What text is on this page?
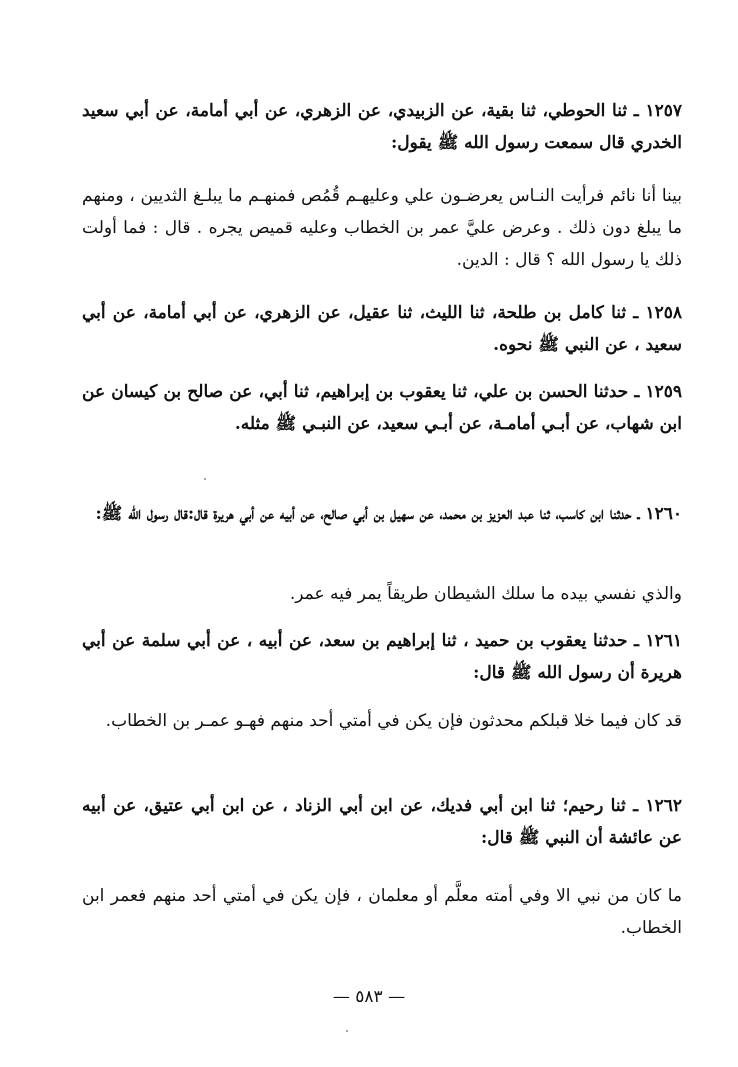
١٢٥٧ ـ ثنا الحوطي، ثنا بقية، عن الزبيدي، عن الزهري، عن أبي أمامة، عن أبي سعيد الخدري قال سمعت رسول الله ﷺ يقول:

بينا أنا نائم فرأيت النـاس يعرضـون علي وعليهـم قُمُص فمنهـم ما يبلـغ الثديين ، ومنهم ما يبلغ دون ذلك . وعرض عليَّ عمر بن الخطاب وعليه قميص يجره . قال : فما أولت ذلك يا رسول الله ؟ قال : الدين.

١٢٥٨ ـ ثنا كامل بن طلحة، ثنا الليث، ثنا عقيل، عن الزهري، عن أبي أمامة، عن أبي سعيد ، عن النبي ﷺ نحوه.

١٢٥٩ ـ حدثنا الحسن بن علي، ثنا يعقوب بن إبراهيم، ثنا أبي، عن صالح بن كيسان عن ابن شهاب، عن أبـي أمامـة، عن أبـي سعيد، عن النبـي ﷺ مثله.

١٢٦٠ ـ حدثنا ابن كاسب، ثنا عبد العزيز بن محمد، عن سهيل بن أبي صالح، عن أبيه عن أبي هريرة قال:قال رسول الله ﷺ:

والذي نفسي بيده ما سلك الشيطان طريقاً يمر فيه عمر.

١٢٦١ ـ حدثنا يعقوب بن حميد ، ثنا إبراهيم بن سعد، عن أبيه ، عن أبي سلمة عن أبي هريرة أن رسول الله ﷺ قال:

قد كان فيما خلا قبلكم محدثون فإن يكن في أمتي أحد منهم فهـو عمـر بن الخطاب.

١٢٦٢ ـ ثنا رحيم؛ ثنا ابن أبي فديك، عن ابن أبي الزناد ، عن ابن أبي عتيق، عن أبيه عن عائشة أن النبي ﷺ قال:

ما كان من نبي الا وفي أمته معلَّم أو معلمان ، فإن يكن في أمتي أحد منهم فعمر ابن الخطاب.

— ٥٨٣ —
